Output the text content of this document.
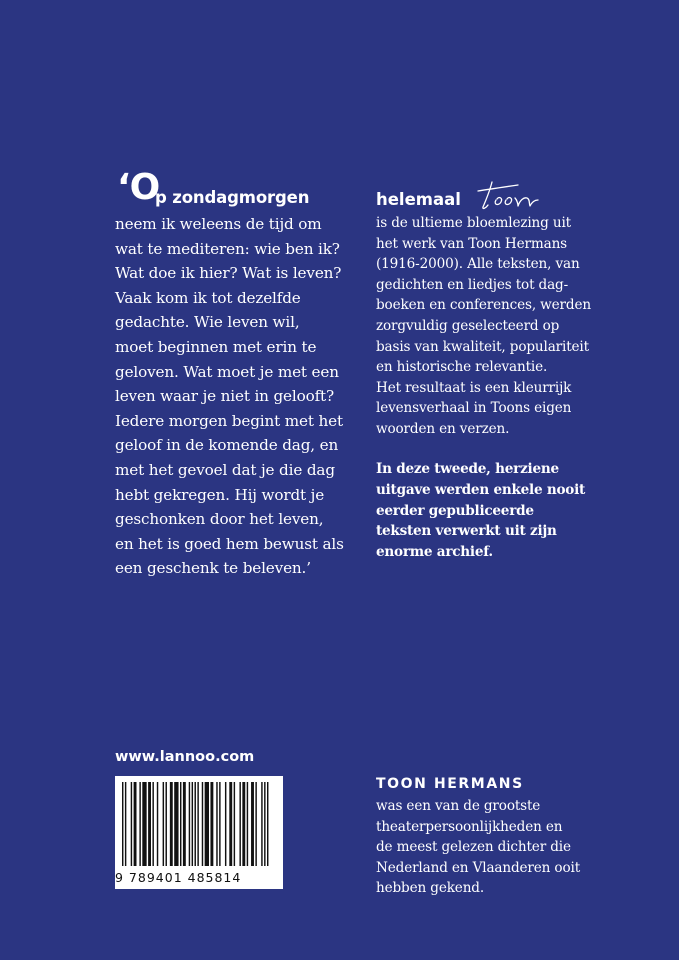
‘O
p zondagmorgen
neem ik weleens de tijd om
wat te mediteren: wie ben ik?
Wat doe ik hier? Wat is leven?
Vaak kom ik tot dezelfde
gedachte. Wie leven wil,
moet beginnen met erin te
geloven. Wat moet je met een
leven waar je niet in gelooft?
Iedere morgen begint met het
geloof in de komende dag, en
met het gevoel dat je die dag
hebt gekregen. Hij wordt je
geschonken door het leven,
en het is goed hem bewust als
een geschenk te beleven.’
helemaal
is de ultieme bloemlezing uit
het werk van Toon Hermans
(1916-2000). Alle teksten, van
gedichten en liedjes tot dag-
boeken en conferences, werden
zorgvuldig geselecteerd op
basis van kwaliteit, populariteit
en historische relevantie.
Het resultaat is een kleurrijk
levensverhaal in Toons eigen
woorden en verzen.
In deze tweede, herziene
uitgave werden enkele nooit
eerder gepubliceerde
teksten verwerkt uit zijn
enorme archief.
www.lannoo.com
9 789401 485814
TOON HERMANS
was een van de grootste
theaterpersoonlijkheden en
de meest gelezen dichter die
Nederland en Vlaanderen ooit
hebben gekend.
